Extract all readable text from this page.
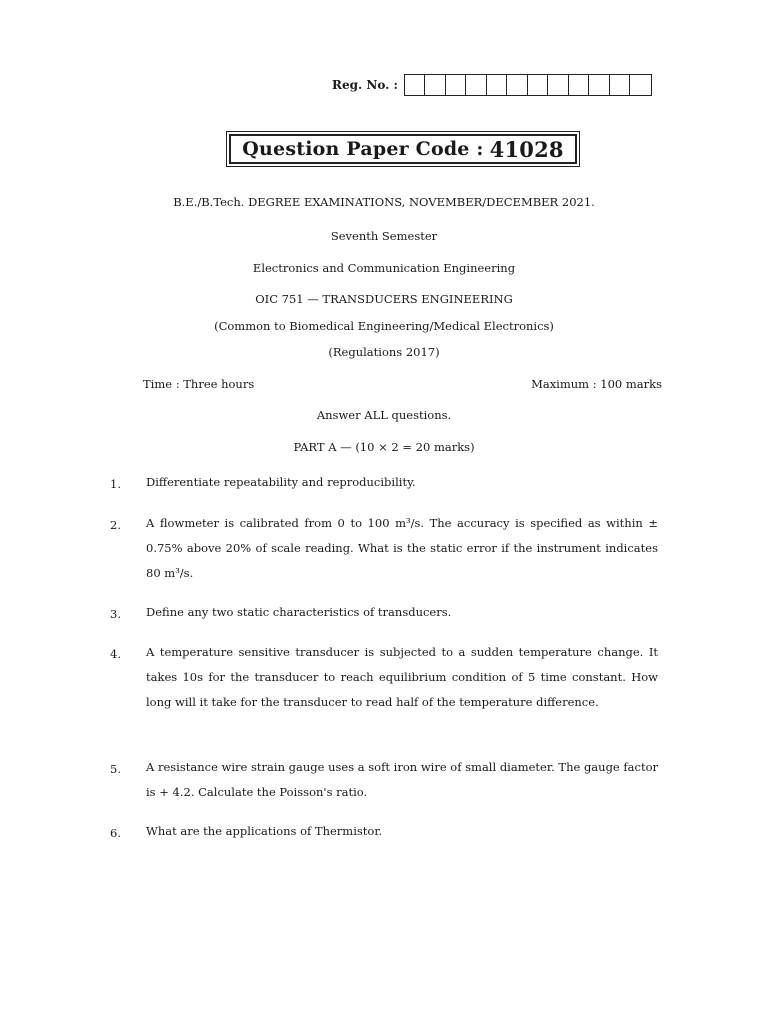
Reg. No. :
Question Paper Code : 41028
B.E./B.Tech. DEGREE EXAMINATIONS, NOVEMBER/DECEMBER 2021.
Seventh Semester
Electronics and Communication Engineering
OIC 751 — TRANSDUCERS ENGINEERING
(Common to Biomedical Engineering/Medical Electronics)
(Regulations 2017)
Time : Three hours	Maximum : 100 marks
Answer ALL questions.
PART A — (10 × 2 = 20 marks)
1. Differentiate repeatability and reproducibility.
2. A flowmeter is calibrated from 0 to 100 m³/s. The accuracy is specified as within ± 0.75% above 20% of scale reading. What is the static error if the instrument indicates 80 m³/s.
3. Define any two static characteristics of transducers.
4. A temperature sensitive transducer is subjected to a sudden temperature change. It takes 10s for the transducer to reach equilibrium condition of 5 time constant. How long will it take for the transducer to read half of the temperature difference.
5. A resistance wire strain gauge uses a soft iron wire of small diameter. The gauge factor is + 4.2. Calculate the Poisson's ratio.
6. What are the applications of Thermistor.
